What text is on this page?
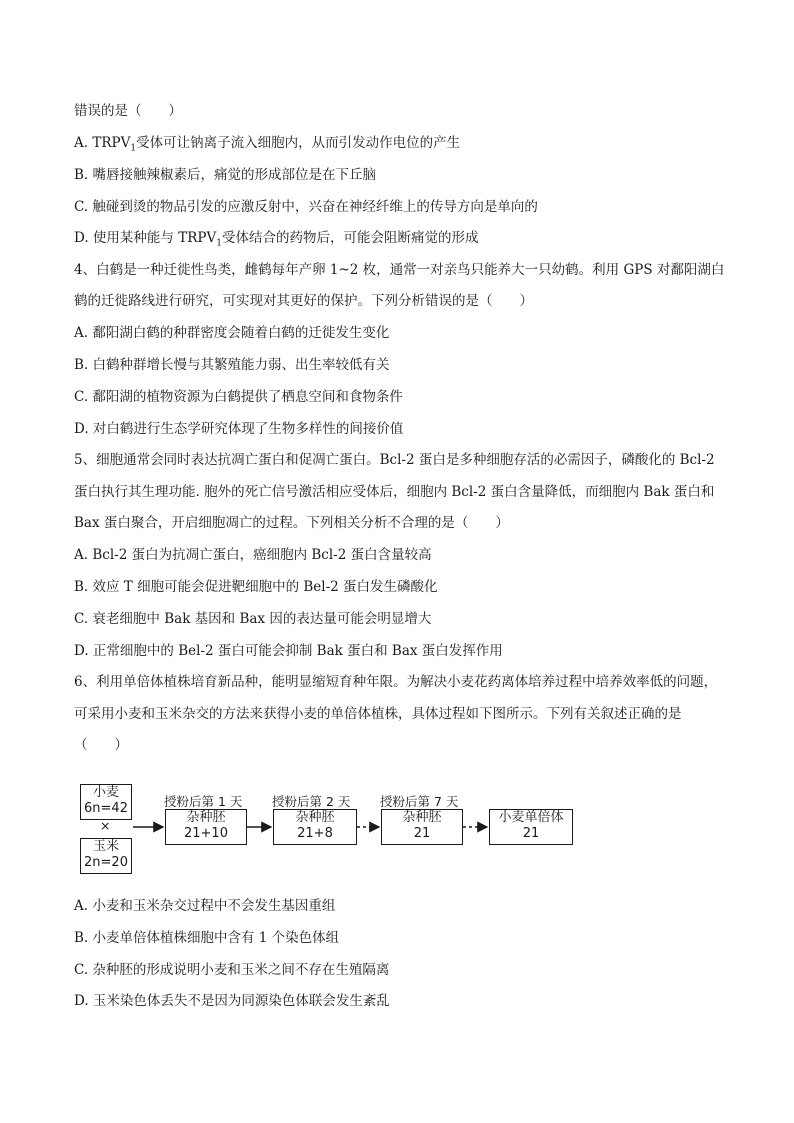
错误的是（　　）
A. $TRPV_1$受体可让钠离子流入细胞内，从而引发动作电位的产生
B. 嘴唇接触辣椒素后，痛觉的形成部位是在下丘脑
C. 触碰到烫的物品引发的应激反射中，兴奋在神经纤维上的传导方向是单向的
D. 使用某种能与 $TRPV_1$受体结合的药物后，可能会阻断痛觉的形成
4、白鹤是一种迁徙性鸟类，雌鹤每年产卵 1~2 枚，通常一对亲鸟只能养大一只幼鹤。利用 GPS 对鄱阳湖白
鹤的迁徙路线进行研究，可实现对其更好的保护。下列分析错误的是（　　）
A. 鄱阳湖白鹤的种群密度会随着白鹤的迁徙发生变化
B. 白鹤种群增长慢与其繁殖能力弱、出生率较低有关
C. 鄱阳湖的植物资源为白鹤提供了栖息空间和食物条件
D. 对白鹤进行生态学研究体现了生物多样性的间接价值
5、细胞通常会同时表达抗凋亡蛋白和促凋亡蛋白。Bcl-2 蛋白是多种细胞存活的必需因子，磷酸化的 Bcl-2
蛋白执行其生理功能. 胞外的死亡信号激活相应受体后，细胞内 Bcl-2 蛋白含量降低，而细胞内 Bak 蛋白和
Bax 蛋白聚合，开启细胞凋亡的过程。下列相关分析不合理的是（　　）
A. Bcl-2 蛋白为抗凋亡蛋白，癌细胞内 Bcl-2 蛋白含量较高
B. 效应 T 细胞可能会促进靶细胞中的 Bel-2 蛋白发生磷酸化
C. 衰老细胞中 Bak 基因和 Bax 因的表达量可能会明显增大
D. 正常细胞中的 Bel-2 蛋白可能会抑制 Bak 蛋白和 Bax 蛋白发挥作用
6、利用单倍体植株培育新品种，能明显缩短育种年限。为解决小麦花药离体培养过程中培养效率低的问题，
可采用小麦和玉米杂交的方法来获得小麦的单倍体植株，具体过程如下图所示。下列有关叙述正确的是
（　　）
小麦
6n=42
×
玉米
2n=20
授粉后第 1 天
杂种胚
21+10
授粉后第 2 天
杂种胚
21+8
授粉后第 7 天
杂种胚
21
小麦单倍体
21
A. 小麦和玉米杂交过程中不会发生基因重组
B. 小麦单倍体植株细胞中含有 1 个染色体组
C. 杂种胚的形成说明小麦和玉米之间不存在生殖隔离
D. 玉米染色体丢失不是因为同源染色体联会发生紊乱
